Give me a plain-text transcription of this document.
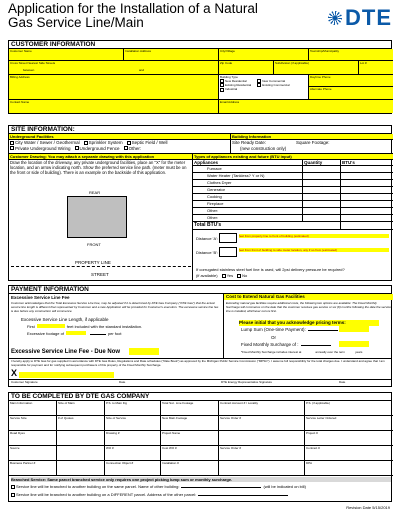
Application for the Installation of a Natural Gas Service Line/Main	DTE
CUSTOMER INFORMATION
Customer Name	Installation Address	City/Village	Township/Municipality
Cross Street Nearest Side Streets
between	and
Zip Code	Subdivision (if applicable)	Lot #
Billing Address	Building Type
New Residential
Existing Residential
Industrial
New Commercial
Existing Commercial
Daytime Phone
Alternate Phone
Contact Name	Email Address
SITE INFORMATION:
Underground Facilities
City Water / Sewer / Geothermal	Sprinkler System	Septic Field / Well
Private Underground Wiring	Underground Fence	Other:
Building Information
Site Ready Date:	Square Footage:
(new construction only)
Customer Drawing: You may attach a separate drawing with this application
Draw the location of the driveway, any private underground facilities, place an "X" for the meter location, and an arrow indicating north. Show the preferred service line path. (meter must be on the front or side of building). There is an example on the backside of this application.
REAR
FRONT
PROPERTY LINE
STREET
Types of appliances existing and future (BTU input)
Appliances	Quantity	BTU's
Total BTU's
Distance 'A':	feet from property line to front of building (estimated)
Distance 'B':	feet from front of building to side meter location, any if so from (estimated)
If corrugated stainless steel fuel line is used, will 2psi delivery pressure be required?
(if available)	Yes	No
Furnace
Water Heater (Tankless? Y or N)
Clothes Dryer
Generator
Cooking
Fireplace
Other:
Other:
PAYMENT INFORMATION
Excessive Service Line Fee
Customer acknowledges that the Total Excessive Service Line Fee, may be adjusted if it is determined by DTE Gas Company ("DTE Gas") that the actual service line length is different than represented by Customer and a new Application will be provided for Customer's execution. The excessive service line fee is due before any construction will commence.
Excessive Service Line Length, if applicable
First	feet included with the standard installation.
Excessive footage of	per foot
Excessive Service Line Fee - Due Now
Cost to Extend Natural Gas Facilities
Extending natural gas facilities require additional costs, the following two options are available: The Fixed Monthly Surcharge will commence on the date that the customer receives gas service or six (6) months following the date the service line is installed, whichever occurs first.
Please initial that you acknowledge pricing terms:
Lump Sum (One-time Payment):
Or
Fixed Monthly Surcharge of :
*Fixed Monthly Surcharge includes interest at	annually over the term	years
I hereby apply to DTE Gas for gas supplied in accordance with DTE Gas Rules, Regulations and Rate schedules ("Rate Book") as approved by the Michigan Public Service Commission ("MPSC"). I assume full responsibility for the total charges due. I understand and agree that I am responsible for payment and for notifying subsequent purchasers of this property of the Fixed Monthly Surcharge.
X
Customer Signature	Date	DTE Energy Representative Signature	Date
TO BE COMPLETED BY DTE GAS COMPANY
Branched Service: Same parcel branched service only requires one project picking lump sum or monthly surcharge.
Service line will be branched to another building on the same parcel. Name of other building:	(will be indicated on bill)
Service line will be branched to another building on a DIFFERENT parcel. Address of the other parcel:
Main Information	Size of Main	P.S. to Main Fig	Total Svc. Line Footage	Contract Account # / Locality	P.S. (if applicable)
Service Size	# of Quotes	Size of Service	New Main Footage	Service Order #	Service Letter Ordered
Road Dyes	Drawing #	Project Name	Project #
Source	WO #	Cost WO #	Service Order #	Contract #
Business Partner #	Connection Object #	Installation #	DPA
Revision Date 5/15/2019
